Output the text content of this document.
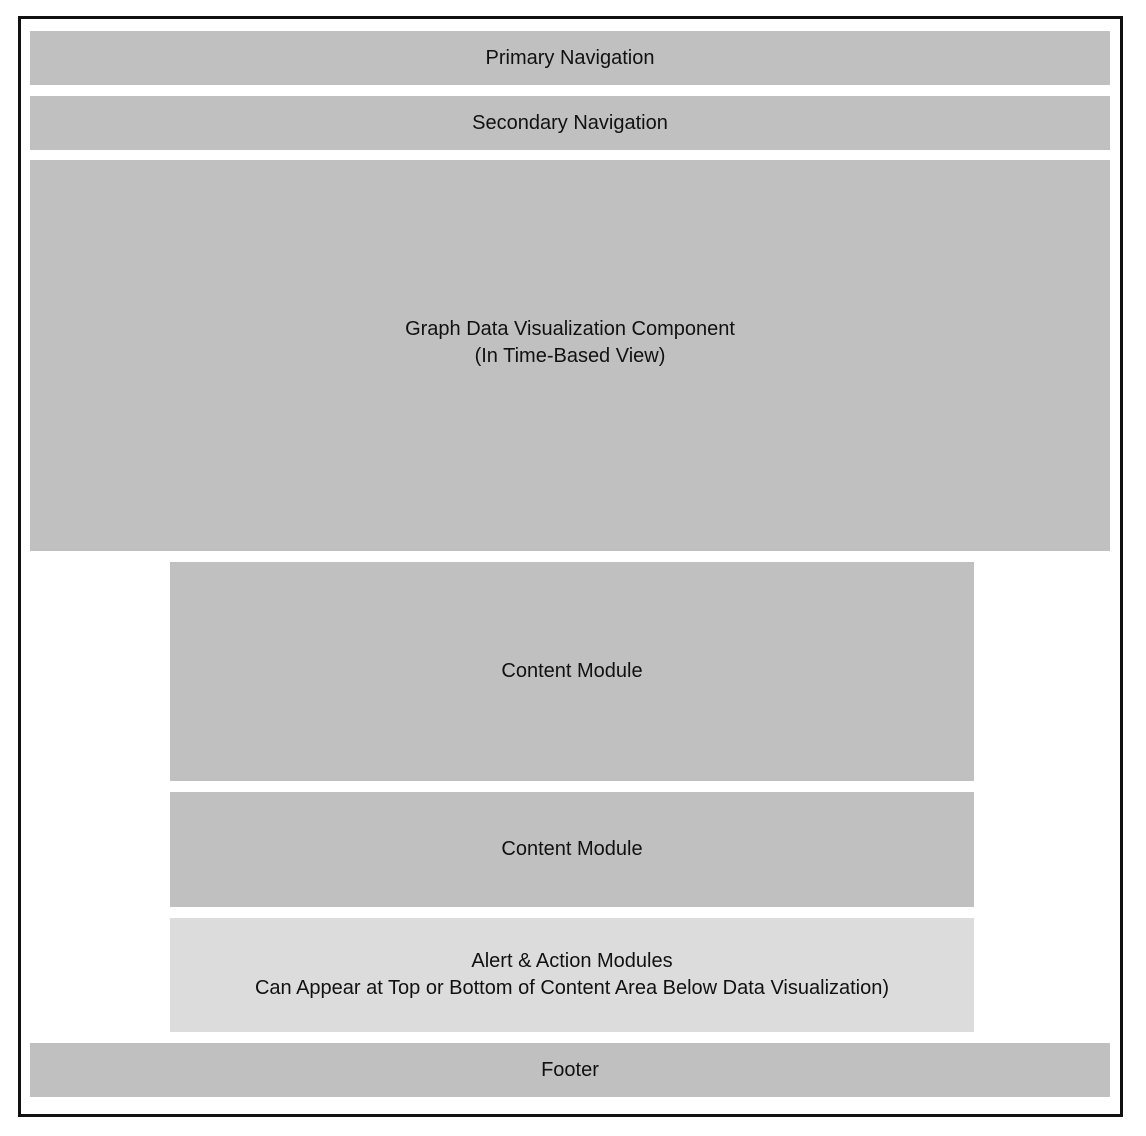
Primary Navigation
Secondary Navigation
Graph Data Visualization Component
(In Time-Based View)
Content Module
Content Module
Alert & Action Modules
Can Appear at Top or Bottom of Content Area Below Data Visualization)
Footer
